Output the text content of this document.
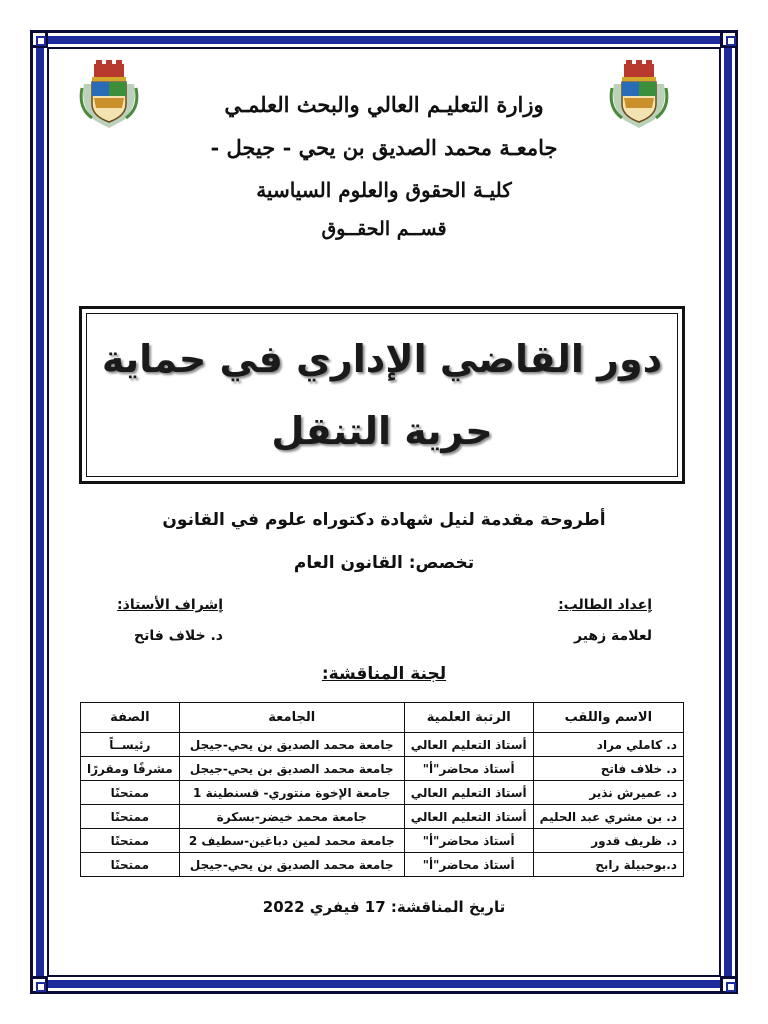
وزارة التعليـم العالي والبحث العلمـي
جامعـة محمد الصديق بن يحي - جيجل -
كليـة الحقوق والعلوم السياسية
قســم الحقــوق
دور القاضي الإداري في حماية
حرية التنقل
أطروحة مقدمة لنيل شهادة دكتوراه علوم في القانون
تخصص: القانون العام
إعداد الطالب:
لعلامة زهير
إشراف الأستاذ:
د. خلاف فاتح
لجنة المناقشة:
الاسم واللقب	الرتبة العلمية	الجامعة	الصفة
د. كاملي مراد	أستاذ التعليم العالي	جامعة محمد الصديق بن يحي-جيجل	رئيســاً
د. خلاف فاتح	أستاذ محاضر"أ"	جامعة محمد الصديق بن يحي-جيجل	مشرفًا ومقررًا
د. عميرش نذير	أستاذ التعليم العالي	جامعة الإخوة منتوري- قسنطينة 1	ممتحنًا
د. بن مشري عبد الحليم	أستاذ التعليم العالي	جامعة محمد خيضر-بسكرة	ممتحنًا
د. ظريف قدور	أستاذ محاضر"أ"	جامعة محمد لمين دباغين-سطيف 2	ممتحنًا
د.بوحبيلة رابح	أستاذ محاضر"أ"	جامعة محمد الصديق بن يحي-جيجل	ممتحنًا
تاريخ المناقشة: 17 فيفري 2022
